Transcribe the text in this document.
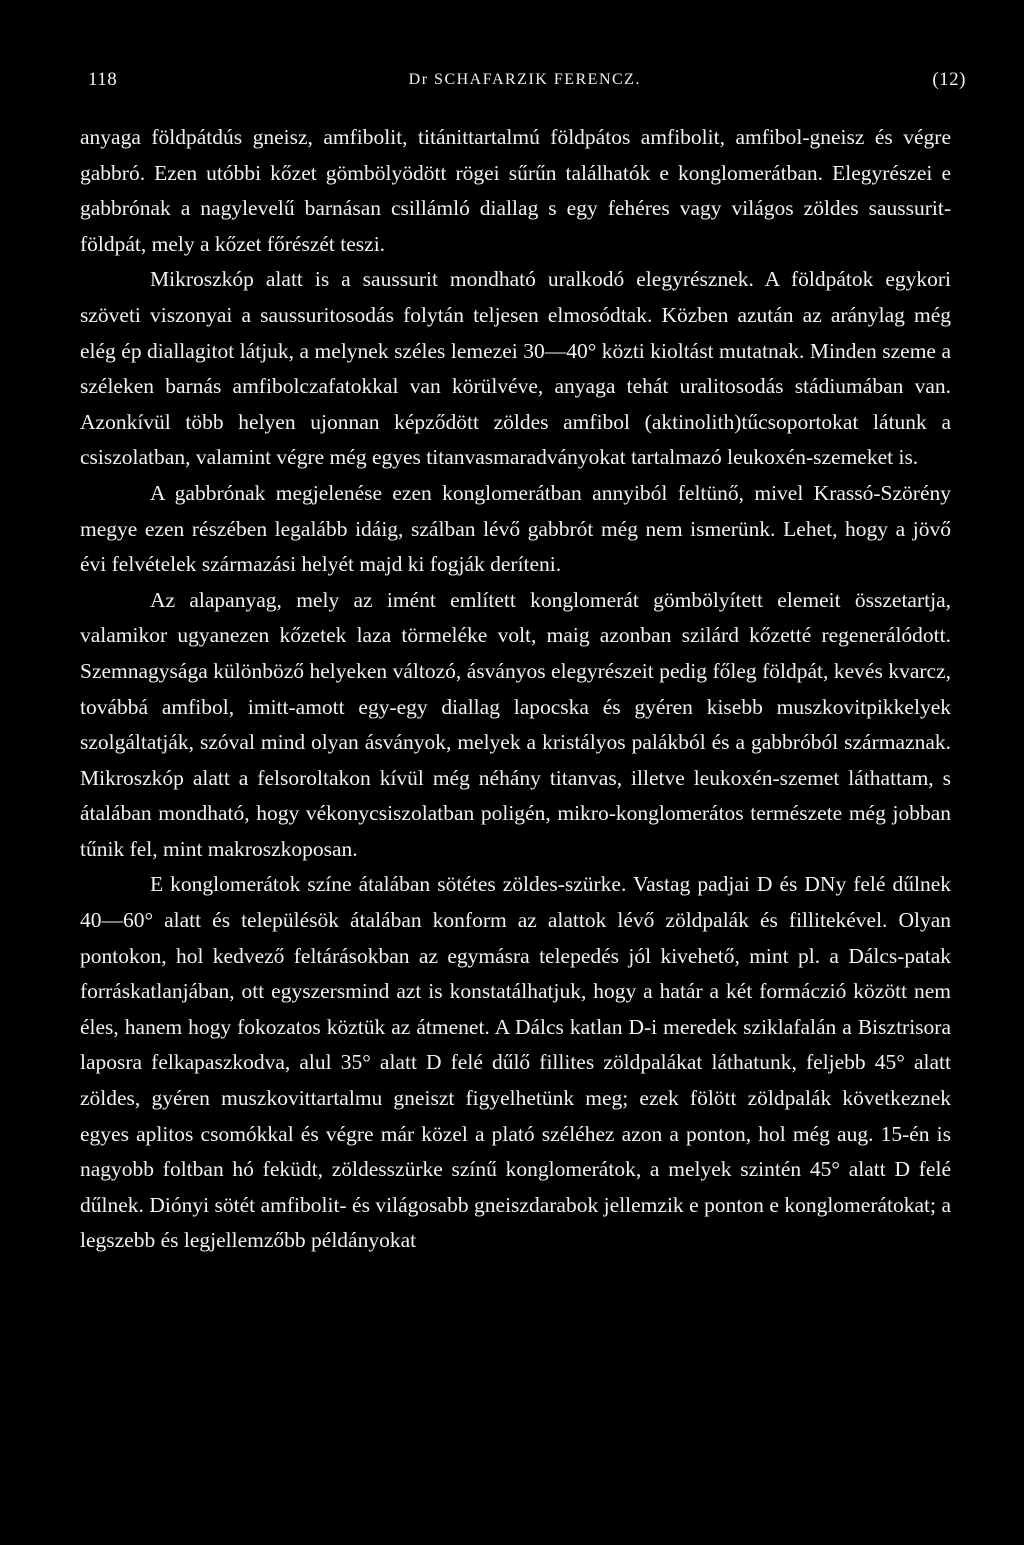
118	Dr SCHAFARZIK FERENCZ.	(12)

anyaga földpátdús gneisz, amfibolit, titánittartalmú földpátos amfibolit, amfibol-gneisz és végre gabbró. Ezen utóbbi kőzet gömbölyödött rögei sűrűn találhatók e konglomerátban. Elegyrészei e gabbrónak a nagylevelű barnásan csillámló diallag s egy fehéres vagy világos zöldes saussurit-földpát, mely a kőzet főrészét teszi.

Mikroszkóp alatt is a saussurit mondható uralkodó elegyrésznek. A földpátok egykori szöveti viszonyai a saussuritosodás folytán teljesen elmosódtak. Közben azután az aránylag még elég ép diallagitot látjuk, a melynek széles lemezei 30—40° közti kioltást mutatnak. Minden szeme a széleken barnás amfibolczafatokkal van körülvéve, anyaga tehát uralitosodás stádiumában van. Azonkívül több helyen ujonnan képződött zöldes amfibol (aktinolith)tűcsoportokat látunk a csiszolatban, valamint végre még egyes titanvasmaradványokat tartalmazó leukoxén-szemeket is.

A gabbrónak megjelenése ezen konglomerátban annyiból feltünő, mivel Krassó-Szörény megye ezen részében legalább idáig, szálban lévő gabbrót még nem ismerünk. Lehet, hogy a jövő évi felvételek származási helyét majd ki fogják deríteni.

Az alapanyag, mely az imént említett konglomerát gömbölyített elemeit összetartja, valamikor ugyanezen kőzetek laza törmeléke volt, maig azonban szilárd kőzetté regenerálódott. Szemnagysága különböző helyeken változó, ásványos elegyrészeit pedig főleg földpát, kevés kvarcz, továbbá amfibol, imitt-amott egy-egy diallag lapocska és gyéren kisebb muszkovitpikkelyek szolgáltatják, szóval mind olyan ásványok, melyek a kristályos palákból és a gabbróból származnak. Mikroszkóp alatt a felsoroltakon kívül még néhány titanvas, illetve leukoxén-szemet láthattam, s átalában mondható, hogy vékonycsiszolatban poligén, mikro-konglomerátos természete még jobban tűnik fel, mint makroszkoposan.

E konglomerátok színe átalában sötétes zöldes-szürke. Vastag padjai D és DNy felé dűlnek 40—60° alatt és településök átalában konform az alattok lévő zöldpalák és fillitekével. Olyan pontokon, hol kedvező feltárásokban az egymásra telepedés jól kivehető, mint pl. a Dálcs-patak forráskatlanjában, ott egyszersmind azt is konstatálhatjuk, hogy a határ a két formáczió között nem éles, hanem hogy fokozatos köztük az átmenet. A Dálcs katlan D-i meredek sziklafalán a Bisztrisora laposra felkapaszkodva, alul 35° alatt D felé dűlő fillites zöldpalákat láthatunk, feljebb 45° alatt zöldes, gyéren muszkovittartalmu gneiszt figyelhetünk meg; ezek fölött zöldpalák következnek egyes aplitos csomókkal és végre már közel a plató széléhez azon a ponton, hol még aug. 15-én is nagyobb foltban hó feküdt, zöldesszürke színű konglomerátok, a melyek szintén 45° alatt D felé dűlnek. Diónyi sötét amfibolit- és világosabb gneiszdarabok jellemzik e ponton e konglomerátokat; a legszebb és legjellemzőbb példányokat
